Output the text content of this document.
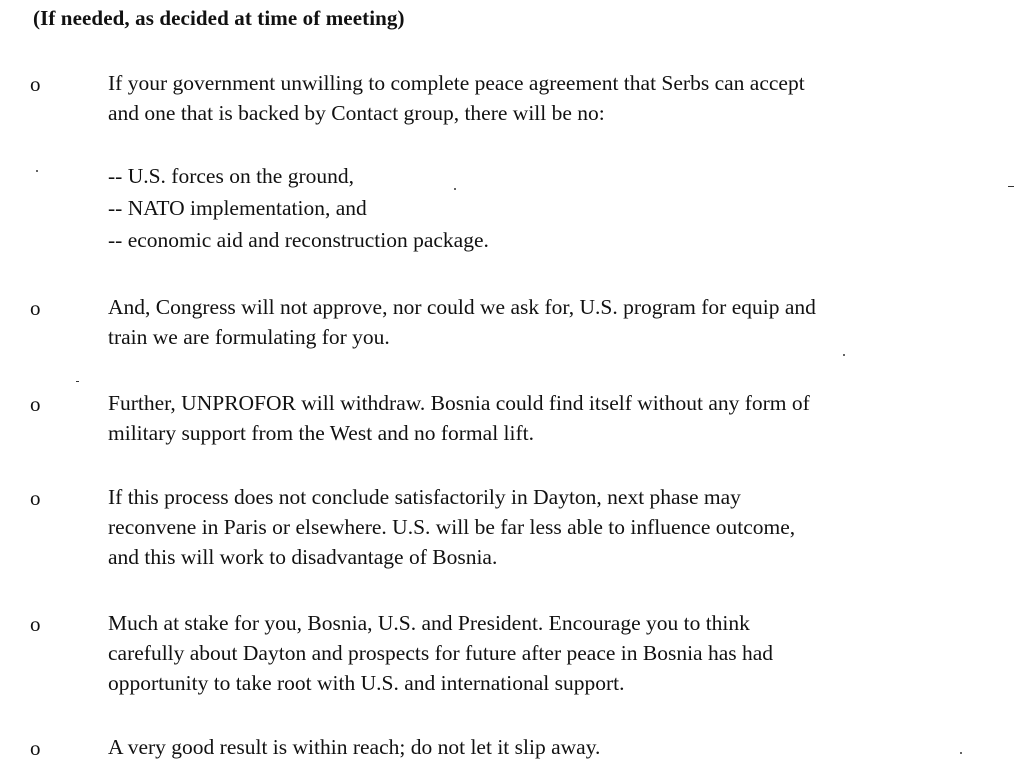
(If needed, as decided at time of meeting)
o	If your government unwilling to complete peace agreement that Serbs can accept
and one that is backed by Contact group, there will be no:
-- U.S. forces on the ground,
-- NATO implementation, and
-- economic aid and reconstruction package.
o	And, Congress will not approve, nor could we ask for, U.S. program for equip and
train we are formulating for you.
o	Further, UNPROFOR will withdraw. Bosnia could find itself without any form of
military support from the West and no formal lift.
o	If this process does not conclude satisfactorily in Dayton, next phase may
reconvene in Paris or elsewhere. U.S. will be far less able to influence outcome,
and this will work to disadvantage of Bosnia.
o	Much at stake for you, Bosnia, U.S. and President. Encourage you to think
carefully about Dayton and prospects for future after peace in Bosnia has had
opportunity to take root with U.S. and international support.
o	A very good result is within reach; do not let it slip away.
